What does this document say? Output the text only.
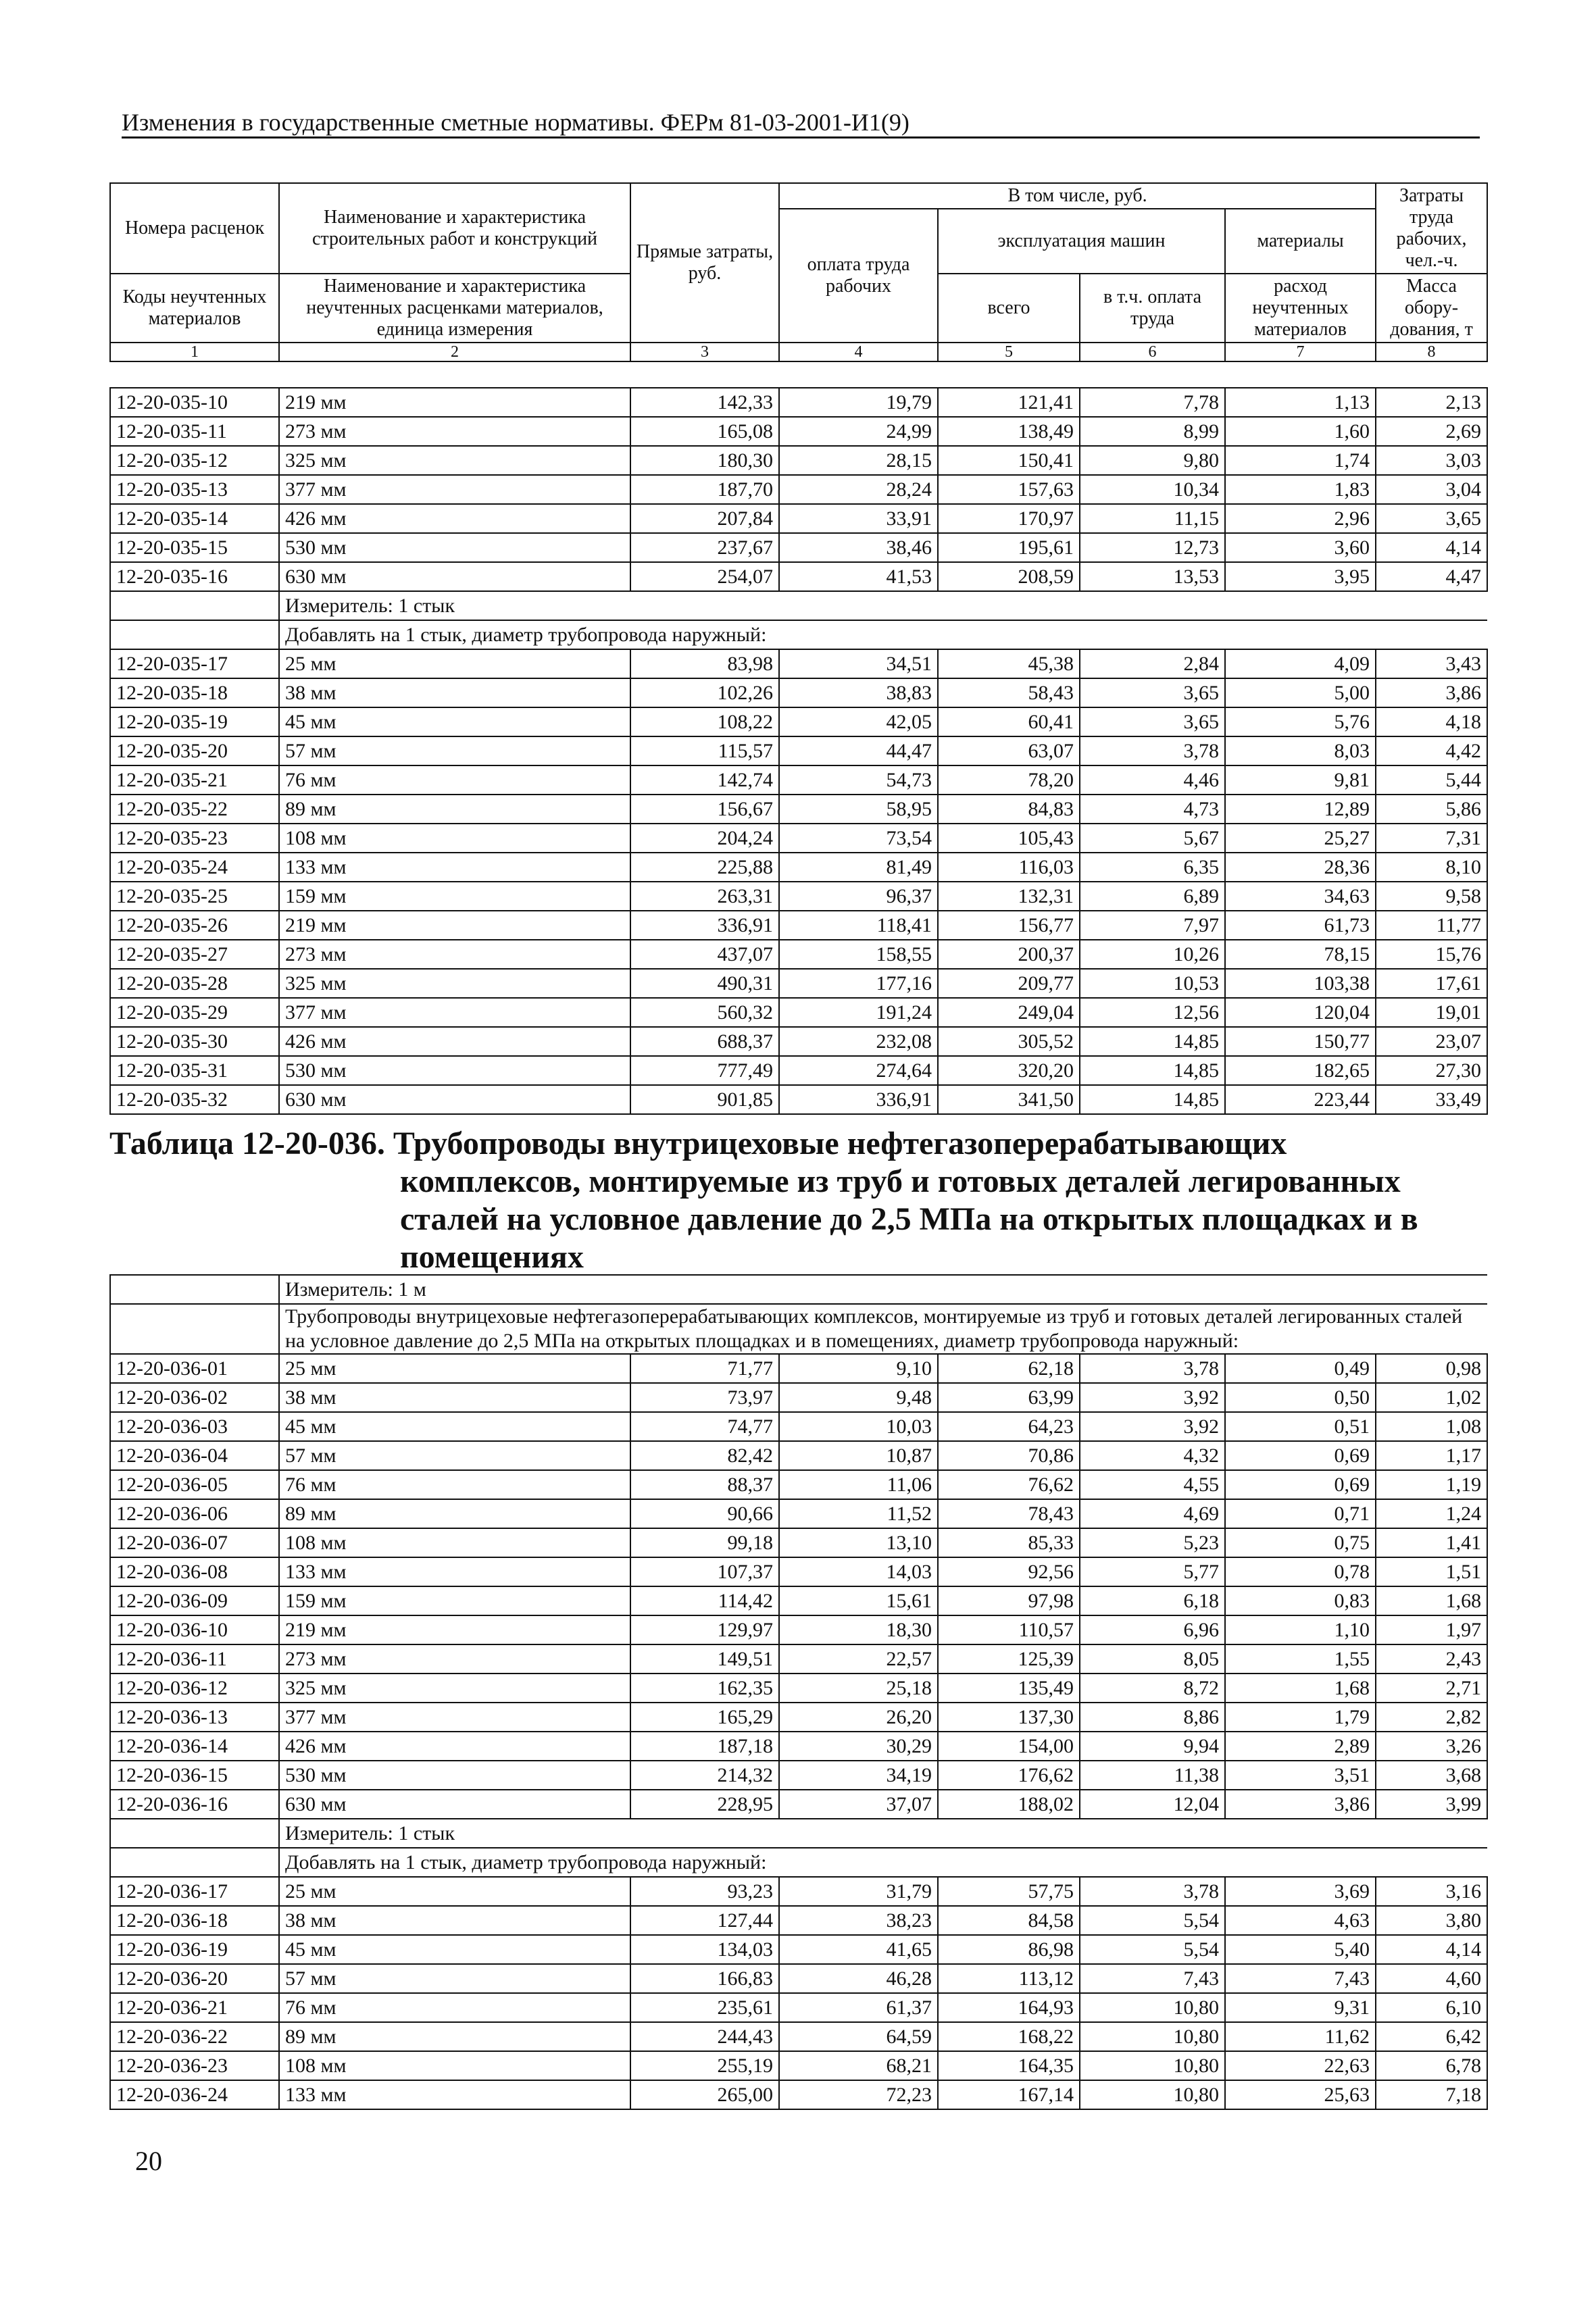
Изменения в государственные сметные нормативы. ФЕРм 81-03-2001-И1(9)
Номера расценок	Наименование и характеристика строительных работ и конструкций	Прямые затраты, руб.	В том числе, руб.				Затраты труда рабочих, чел.-ч.
			оплата труда рабочих	эксплуатация машин		материалы	
Коды неучтенных материалов	Наименование и характеристика неучтенных расценками материалов, единица измерения			всего	в т.ч. оплата труда	расход неучтенных материалов	Масса обору- дования, т

1	2	3	4	5	6	7	8
12-20-035-10	219 мм	142,33	19,79	121,41	7,78	1,13	2,13
12-20-035-11	273 мм	165,08	24,99	138,49	8,99	1,60	2,69
12-20-035-12	325 мм	180,30	28,15	150,41	9,80	1,74	3,03
12-20-035-13	377 мм	187,70	28,24	157,63	10,34	1,83	3,04
12-20-035-14	426 мм	207,84	33,91	170,97	11,15	2,96	3,65
12-20-035-15	530 мм	237,67	38,46	195,61	12,73	3,60	4,14
12-20-035-16	630 мм	254,07	41,53	208,59	13,53	3,95	4,47
	Измеритель: 1 стык						
	Добавлять на 1 стык, диаметр трубопровода наружный:						
12-20-035-17	25 мм	83,98	34,51	45,38	2,84	4,09	3,43
12-20-035-18	38 мм	102,26	38,83	58,43	3,65	5,00	3,86
12-20-035-19	45 мм	108,22	42,05	60,41	3,65	5,76	4,18
12-20-035-20	57 мм	115,57	44,47	63,07	3,78	8,03	4,42
12-20-035-21	76 мм	142,74	54,73	78,20	4,46	9,81	5,44
12-20-035-22	89 мм	156,67	58,95	84,83	4,73	12,89	5,86
12-20-035-23	108 мм	204,24	73,54	105,43	5,67	25,27	7,31
12-20-035-24	133 мм	225,88	81,49	116,03	6,35	28,36	8,10
12-20-035-25	159 мм	263,31	96,37	132,31	6,89	34,63	9,58
12-20-035-26	219 мм	336,91	118,41	156,77	7,97	61,73	11,77
12-20-035-27	273 мм	437,07	158,55	200,37	10,26	78,15	15,76
12-20-035-28	325 мм	490,31	177,16	209,77	10,53	103,38	17,61
12-20-035-29	377 мм	560,32	191,24	249,04	12,56	120,04	19,01
12-20-035-30	426 мм	688,37	232,08	305,52	14,85	150,77	23,07
12-20-035-31	530 мм	777,49	274,64	320,20	14,85	182,65	27,30
12-20-035-32	630 мм	901,85	336,91	341,50	14,85	223,44	33,49
Таблица 12-20-036. Трубопроводы внутрицеховые нефтегазоперерабатывающих
комплексов, монтируемые из труб и готовых деталей легированных
сталей на условное давление до 2,5 МПа на открытых площадках и в
помещениях
	Измеритель: 1 м						
	Трубопроводы внутрицеховые нефтегазоперерабатывающих комплексов, монтируемые из труб и готовых деталей легированных сталей на условное давление до 2,5 МПа на открытых площадках и в помещениях, диаметр трубопровода наружный:						
12-20-036-01	25 мм	71,77	9,10	62,18	3,78	0,49	0,98
12-20-036-02	38 мм	73,97	9,48	63,99	3,92	0,50	1,02
12-20-036-03	45 мм	74,77	10,03	64,23	3,92	0,51	1,08
12-20-036-04	57 мм	82,42	10,87	70,86	4,32	0,69	1,17
12-20-036-05	76 мм	88,37	11,06	76,62	4,55	0,69	1,19
12-20-036-06	89 мм	90,66	11,52	78,43	4,69	0,71	1,24
12-20-036-07	108 мм	99,18	13,10	85,33	5,23	0,75	1,41
12-20-036-08	133 мм	107,37	14,03	92,56	5,77	0,78	1,51
12-20-036-09	159 мм	114,42	15,61	97,98	6,18	0,83	1,68
12-20-036-10	219 мм	129,97	18,30	110,57	6,96	1,10	1,97
12-20-036-11	273 мм	149,51	22,57	125,39	8,05	1,55	2,43
12-20-036-12	325 мм	162,35	25,18	135,49	8,72	1,68	2,71
12-20-036-13	377 мм	165,29	26,20	137,30	8,86	1,79	2,82
12-20-036-14	426 мм	187,18	30,29	154,00	9,94	2,89	3,26
12-20-036-15	530 мм	214,32	34,19	176,62	11,38	3,51	3,68
12-20-036-16	630 мм	228,95	37,07	188,02	12,04	3,86	3,99
	Измеритель: 1 стык						
	Добавлять на 1 стык, диаметр трубопровода наружный:						
12-20-036-17	25 мм	93,23	31,79	57,75	3,78	3,69	3,16
12-20-036-18	38 мм	127,44	38,23	84,58	5,54	4,63	3,80
12-20-036-19	45 мм	134,03	41,65	86,98	5,54	5,40	4,14
12-20-036-20	57 мм	166,83	46,28	113,12	7,43	7,43	4,60
12-20-036-21	76 мм	235,61	61,37	164,93	10,80	9,31	6,10
12-20-036-22	89 мм	244,43	64,59	168,22	10,80	11,62	6,42
12-20-036-23	108 мм	255,19	68,21	164,35	10,80	22,63	6,78
12-20-036-24	133 мм	265,00	72,23	167,14	10,80	25,63	7,18
20
